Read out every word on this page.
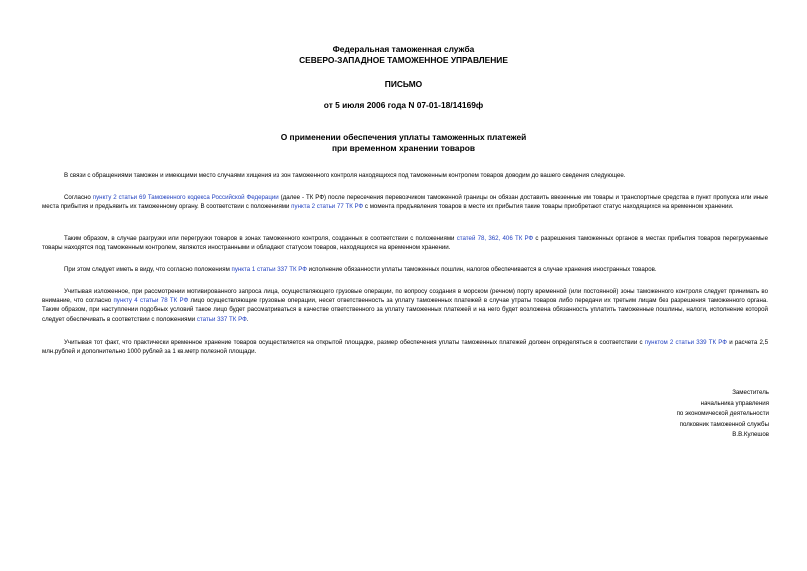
Федеральная таможенная служба
СЕВЕРО-ЗАПАДНОЕ ТАМОЖЕННОЕ УПРАВЛЕНИЕ
ПИСЬМО
от 5 июля 2006 года N 07-01-18/14169ф
О применении обеспечения уплаты таможенных платежей
при временном хранении товаров
В связи с обращениями таможен и имеющими место случаями хищения из зон таможенного контроля находящихся под таможенным контролем товаров доводим до вашего сведения следующее.
Согласно пункту 2 статьи 69 Таможенного кодекса Российской Федерации (далее - ТК РФ) после пересечения перевозчиком таможенной границы он обязан доставить ввезенные им товары и транспортные средства в пункт пропуска или иные места прибытия и предъявить их таможенному органу. В соответствии с положениями пункта 2 статьи 77 ТК РФ с момента предъявления товаров в месте их прибытия такие товары приобретают статус находящихся на временном хранении.
Таким образом, в случае разгрузки или перегрузки товаров в зонах таможенного контроля, созданных в соответствии с положениями статей 78, 362, 406 ТК РФ с разрешения таможенных органов в местах прибытия товаров перегружаемые товары находятся под таможенным контролем, являются иностранными и обладают статусом товаров, находящихся на временном хранении.
При этом следует иметь в виду, что согласно положениям пункта 1 статьи 337 ТК РФ исполнение обязанности уплаты таможенных пошлин, налогов обеспечивается в случае хранения иностранных товаров.
Учитывая изложенное, при рассмотрении мотивированного запроса лица, осуществляющего грузовые операции, по вопросу создания в морском (речном) порту временной (или постоянной) зоны таможенного контроля следует принимать во внимание, что согласно пункту 4 статьи 78 ТК РФ лицо осуществляющие грузовые операции, несет ответственность за уплату таможенных платежей в случае утраты товаров либо передачи их третьим лицам без разрешения таможенного органа. Таким образом, при наступлении подобных условий такое лицо будет рассматриваться в качестве ответственного за уплату таможенных платежей и на него будет возложена обязанность уплатить таможенные пошлины, налоги, исполнение которой следует обеспечивать в соответствии с положениями статьи 337 ТК РФ.
Учитывая тот факт, что практически временное хранение товаров осуществляется на открытой площадке, размер обеспечения уплаты таможенных платежей должен определяться в соответствии с пунктом 2 статьи 339 ТК РФ и расчета 2,5 млн.рублей и дополнительно 1000 рублей за 1 кв.метр полезной площади.
Заместитель
начальника управления
по экономической деятельности
полковник таможенной службы
В.В.Кулешов
